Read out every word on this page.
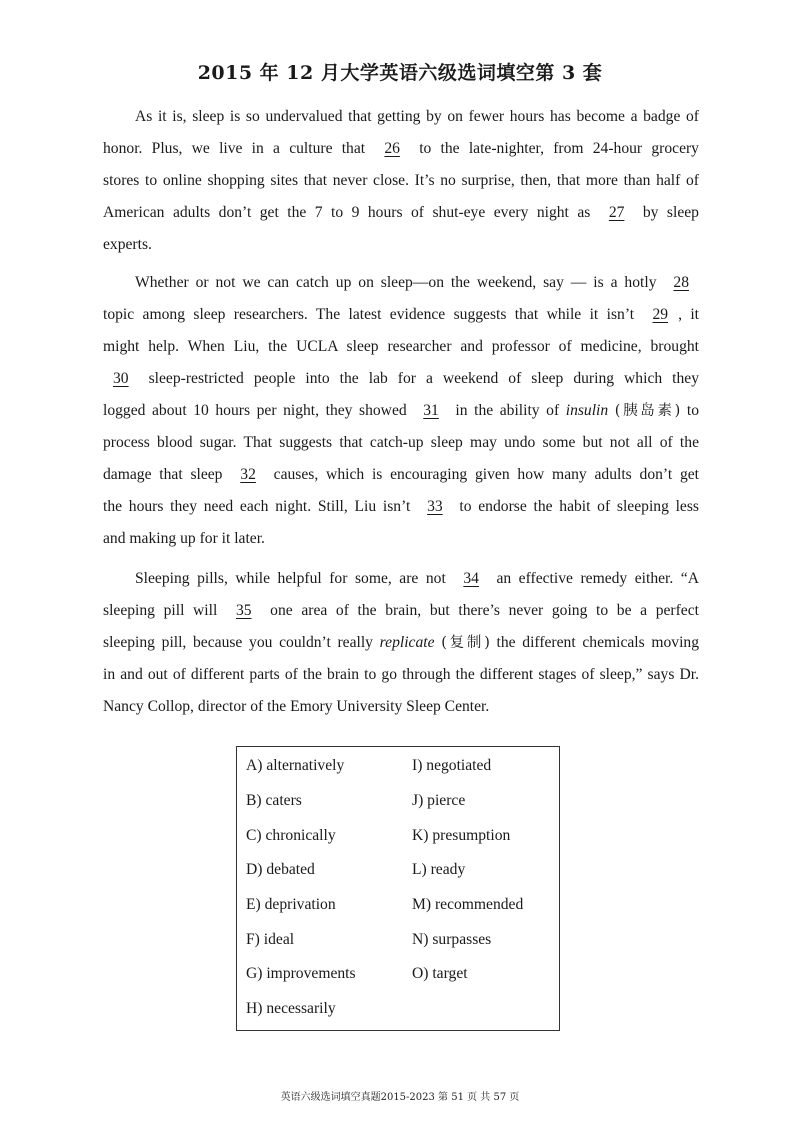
2015 年 12 月大学英语六级选词填空第 3 套
As it is, sleep is so undervalued that getting by on fewer hours has become a badge of
honor. Plus, we live in a culture that 26 to the late-nighter, from 24-hour grocery
stores to online shopping sites that never close. It’s no surprise, then, that more than half of
American adults don’t get the 7 to 9 hours of shut-eye every night as 27 by sleep
experts.
Whether or not we can catch up on sleep—on the weekend, say — is a hotly 28
topic among sleep researchers. The latest evidence suggests that while it isn’t 29 , it
might help. When Liu, the UCLA sleep researcher and professor of medicine, brought
30 sleep-restricted people into the lab for a weekend of sleep during which they
logged about 10 hours per night, they showed 31 in the ability of insulin (胰岛素) to
process blood sugar. That suggests that catch-up sleep may undo some but not all of the
damage that sleep 32 causes, which is encouraging given how many adults don’t get
the hours they need each night. Still, Liu isn’t 33 to endorse the habit of sleeping less
and making up for it later.
Sleeping pills, while helpful for some, are not 34 an effective remedy either. “A
sleeping pill will 35 one area of the brain, but there’s never going to be a perfect
sleeping pill, because you couldn’t really replicate (复制) the different chemicals moving
in and out of different parts of the brain to go through the different stages of sleep,” says Dr.
Nancy Collop, director of the Emory University Sleep Center.
A) alternatively
B) caters
C) chronically
D) debated
E) deprivation
F) ideal
G) improvements
H) necessarily
I) negotiated
J) pierce
K) presumption
L) ready
M) recommended
N) surpasses
O) target
英语六级选词填空真题2015-2023 第 51 页 共 57 页
